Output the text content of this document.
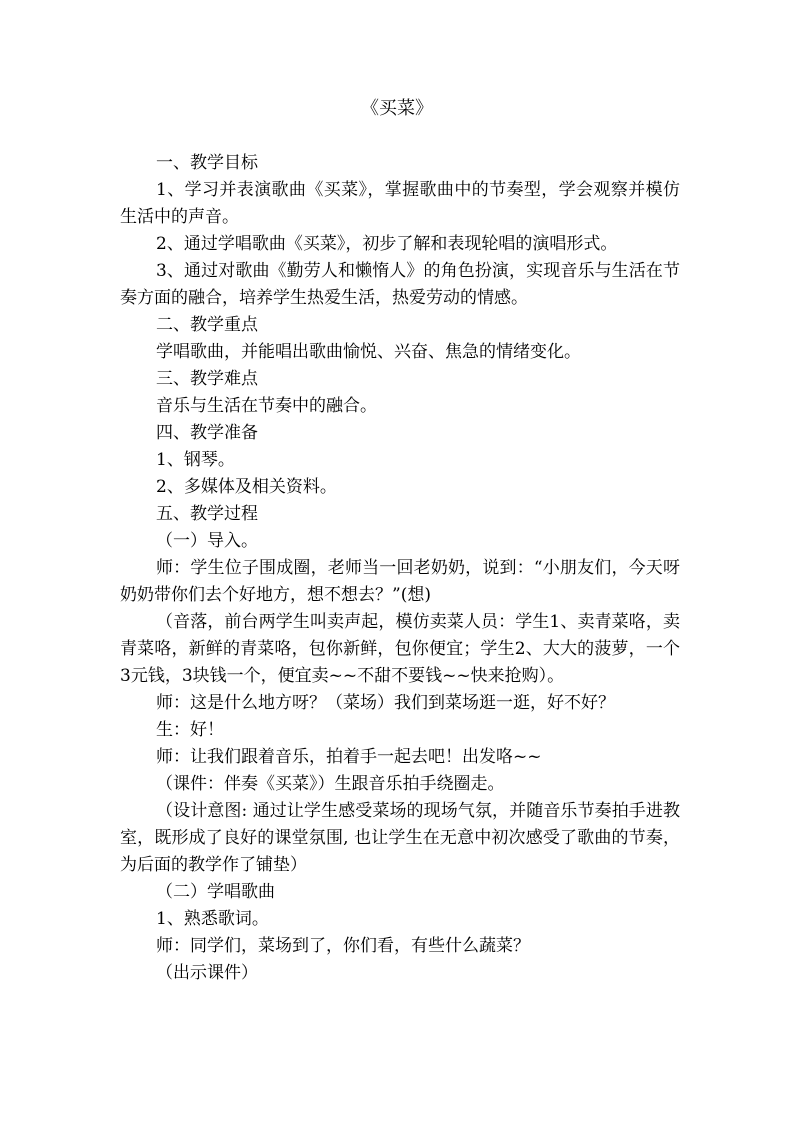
《买菜》

一、教学目标

1、学习并表演歌曲《买菜》，掌握歌曲中的节奏型，学会观察并模仿生活中的声音。

2、通过学唱歌曲《买菜》，初步了解和表现轮唱的演唱形式。

3、通过对歌曲《勤劳人和懒惰人》的角色扮演，实现音乐与生活在节奏方面的融合，培养学生热爱生活，热爱劳动的情感。

二、教学重点

学唱歌曲，并能唱出歌曲愉悦、兴奋、焦急的情绪变化。

三、教学难点

音乐与生活在节奏中的融合。

四、教学准备

1、钢琴。

2、多媒体及相关资料。

五、教学过程

（一）导入。

师：学生位子围成圈，老师当一回老奶奶，说到：“小朋友们，今天呀奶奶带你们去个好地方，想不想去？”(想)

（音落，前台两学生叫卖声起，模仿卖菜人员：学生1、卖青菜咯，卖青菜咯，新鲜的青菜咯，包你新鲜，包你便宜；学生2、大大的菠萝，一个3元钱，3块钱一个，便宜卖~~不甜不要钱~~快来抢购）。

师：这是什么地方呀？（菜场）我们到菜场逛一逛，好不好？

生：好！

师：让我们跟着音乐，拍着手一起去吧！出发咯~~

（课件：伴奏《买菜》）生跟音乐拍手绕圈走。

（设计意图: 通过让学生感受菜场的现场气氛，并随音乐节奏拍手进教室，既形成了良好的课堂氛围, 也让学生在无意中初次感受了歌曲的节奏，为后面的教学作了铺垫）

（二）学唱歌曲

1、熟悉歌词。

师：同学们，菜场到了，你们看，有些什么蔬菜？

（出示课件）
